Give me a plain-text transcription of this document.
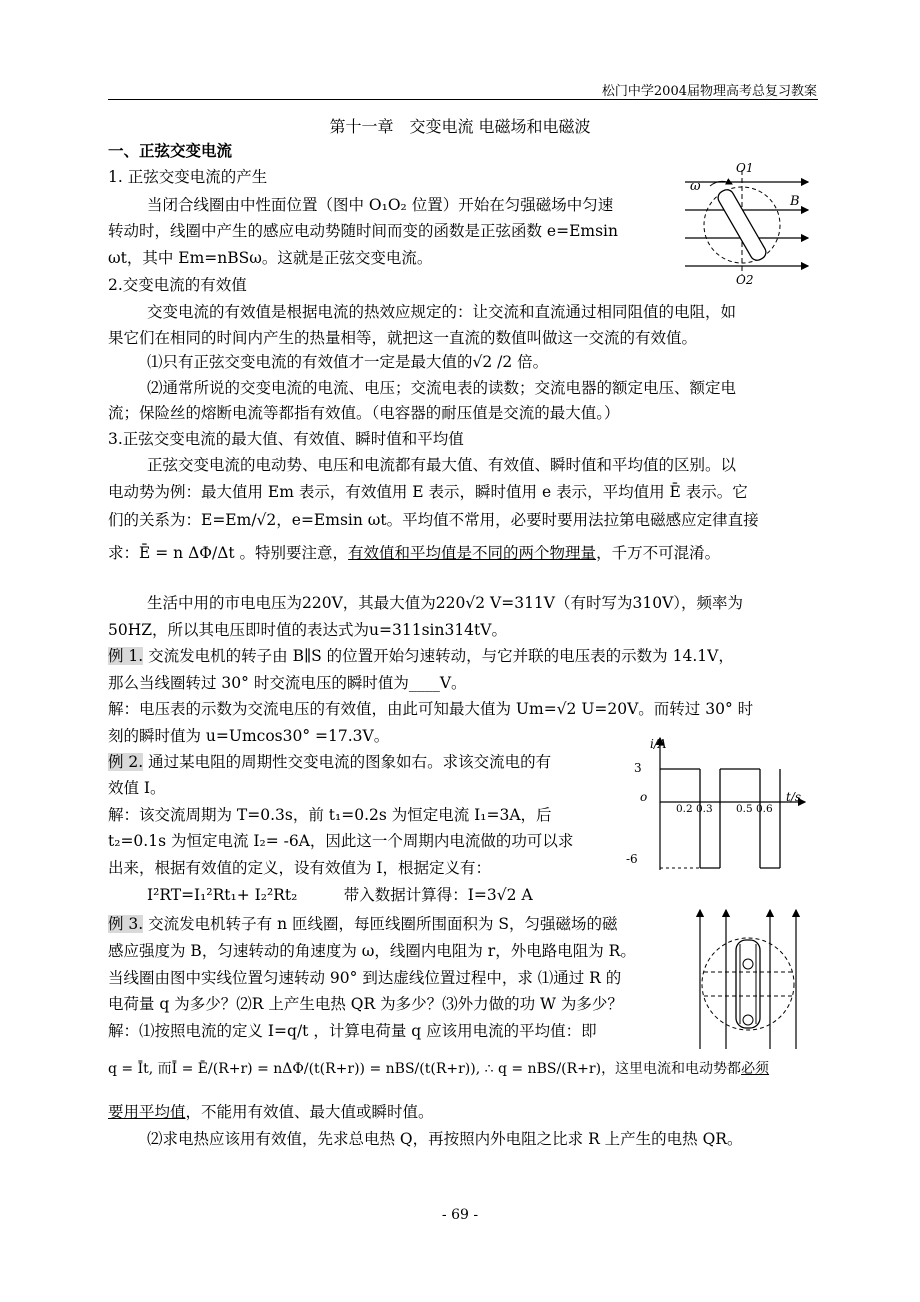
松门中学2004届物理高考总复习教案
第十一章　交变电流 电磁场和电磁波
一、正弦交变电流
1. 正弦交变电流的产生
当闭合线圈由中性面位置（图中 O₁O₂ 位置）开始在匀强磁场中匀速
转动时，线圈中产生的感应电动势随时间而变的函数是正弦函数 e=Emsin
ωt，其中 Em=nBSω。这就是正弦交变电流。
ω
O1
O2
B
2.交变电流的有效值
交变电流的有效值是根据电流的热效应规定的：让交流和直流通过相同阻值的电阻，如
果它们在相同的时间内产生的热量相等，就把这一直流的数值叫做这一交流的有效值。
⑴只有正弦交变电流的有效值才一定是最大值的√2 /2 倍。
⑵通常所说的交变电流的电流、电压；交流电表的读数；交流电器的额定电压、额定电
流；保险丝的熔断电流等都指有效值。（电容器的耐压值是交流的最大值。）
3.正弦交变电流的最大值、有效值、瞬时值和平均值
正弦交变电流的电动势、电压和电流都有最大值、有效值、瞬时值和平均值的区别。以
电动势为例：最大值用 Em 表示，有效值用 E 表示，瞬时值用 e 表示，平均值用 Ē 表示。它
们的关系为：E=Em/√2，e=Emsin ωt。平均值不常用，必要时要用法拉第电磁感应定律直接
求：Ē = n ΔΦ/Δt 。特别要注意，有效值和平均值是不同的两个物理量，千万不可混淆。
生活中用的市电电压为220V，其最大值为220√2 V=311V（有时写为310V），频率为
50HZ，所以其电压即时值的表达式为u=311sin314tV。
例 1. 交流发电机的转子由 B∥S 的位置开始匀速转动，与它并联的电压表的示数为 14.1V，
那么当线圈转过 30° 时交流电压的瞬时值为____V。
解：电压表的示数为交流电压的有效值，由此可知最大值为 Um=√2 U=20V。而转过 30° 时
刻的瞬时值为 u=Umcos30° =17.3V。
例 2. 通过某电阻的周期性交变电流的图象如右。求该交流电的有
效值 I。
解：该交流周期为 T=0.3s，前 t₁=0.2s 为恒定电流 I₁=3A，后
t₂=0.1s 为恒定电流 I₂= -6A，因此这一个周期内电流做的功可以求
出来，根据有效值的定义，设有效值为 I，根据定义有：
I²RT=I₁²Rt₁+ I₂²Rt₂　　　带入数据计算得：I=3√2 A
i/A
t/s
3
-6
o
0.2 0.3 0.5 0.6
例 3. 交流发电机转子有 n 匝线圈，每匝线圈所围面积为 S，匀强磁场的磁
感应强度为 B，匀速转动的角速度为 ω，线圈内电阻为 r，外电路电阻为 R。
当线圈由图中实线位置匀速转动 90° 到达虚线位置过程中，求 ⑴通过 R 的
电荷量 q 为多少？⑵R 上产生电热 QR 为多少？⑶外力做的功 W 为多少？
解：⑴按照电流的定义 I=q/t ，计算电荷量 q 应该用电流的平均值：即
q = Īt, 而Ī = Ē/(R+r) = nΔΦ/(t(R+r)) = nBS/(t(R+r)), ∴ q = nBS/(R+r)，这里电流和电动势都必须
要用平均值，不能用有效值、最大值或瞬时值。
⑵求电热应该用有效值，先求总电热 Q，再按照内外电阻之比求 R 上产生的电热 QR。
- 69 -
